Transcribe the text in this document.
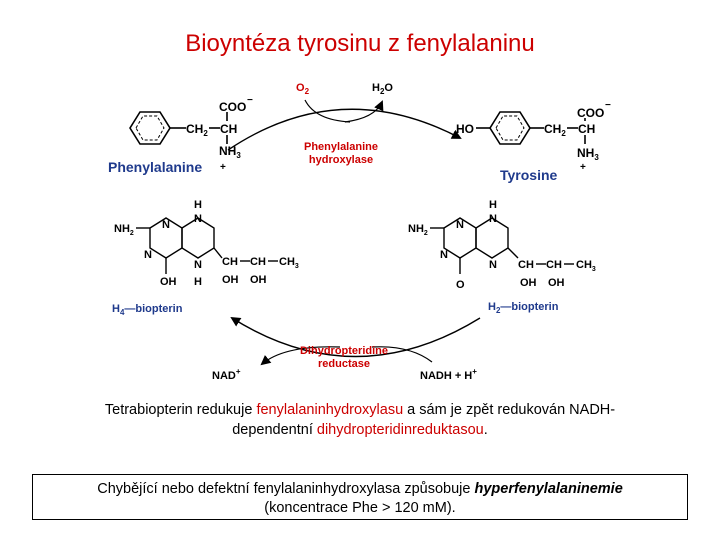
Bioyntéza tyrosinu z fenylalaninu
$CH_2$ CH
COO −
$NH_3$
+
Phenylalanine
HO	$CH_2$ CH
COO
−
$NH_3$
+
Tyrosine
$O_2$	$H_2O$
Phenylalanine
hydroxylase
$NH_2$
N
N
H
N
N
H
OH
CH CH $CH_3$
OH OH
$H_4—biopterin$
$NH_2$
N
N
H
N
N
O
CH CH $CH_3$
OH OH
$H_2—biopterin$
Dihydropteridine
reductase
NAD+	NADH + H+
Tetrabiopterin redukuje fenylalaninhydroxylasu a sám je zpět redukován NADH-
dependentní dihydropteridinreduktasou.
Chybějící nebo defektní fenylalaninhydroxylasa způsobuje hyperfenylalaninemie
(koncentrace Phe > 120 mM).
